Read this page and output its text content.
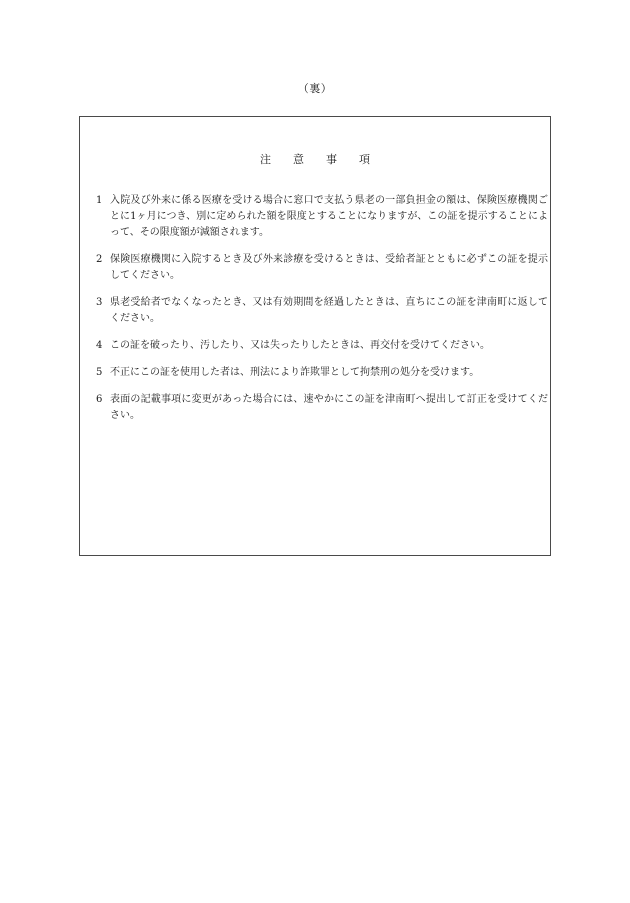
（裏）
注意事項
1 入院及び外来に係る医療を受ける場合に窓口で支払う県老の一部負担金の額は、保険医療機関ごとに1ヶ月につき、別に定められた額を限度とすることになりますが、この証を提示することによって、その限度額が減額されます。
2 保険医療機関に入院するとき及び外来診療を受けるときは、受給者証とともに必ずこの証を提示してください。
3 県老受給者でなくなったとき、又は有効期間を経過したときは、直ちにこの証を津南町に返してください。
4 この証を破ったり、汚したり、又は失ったりしたときは、再交付を受けてください。
5 不正にこの証を使用した者は、刑法により詐欺罪として拘禁刑の処分を受けます。
6 表面の記載事項に変更があった場合には、速やかにこの証を津南町へ提出して訂正を受けてください。
